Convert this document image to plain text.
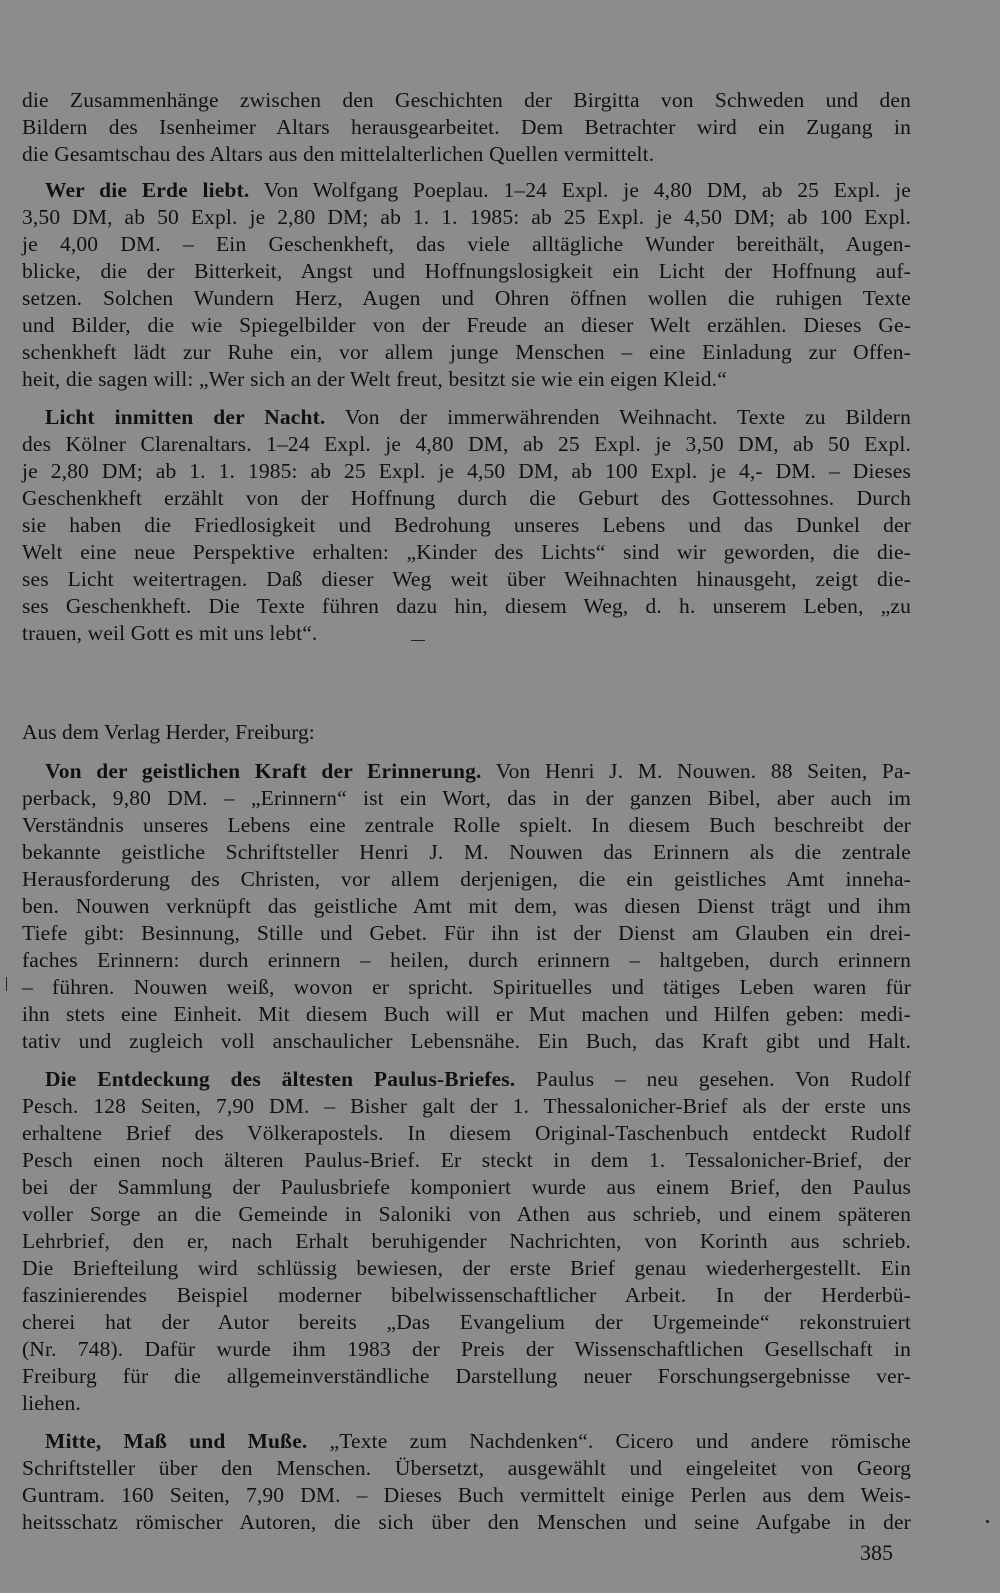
die Zusammenhänge zwischen den Geschichten der Birgitta von Schweden und den
Bildern des Isenheimer Altars herausgearbeitet. Dem Betrachter wird ein Zugang in
die Gesamtschau des Altars aus den mittelalterlichen Quellen vermittelt.
Wer die Erde liebt. Von Wolfgang Poeplau. 1–24 Expl. je 4,80 DM, ab 25 Expl. je
3,50 DM, ab 50 Expl. je 2,80 DM; ab 1. 1. 1985: ab 25 Expl. je 4,50 DM; ab 100 Expl.
je 4,00 DM. – Ein Geschenkheft, das viele alltägliche Wunder bereithält, Augen-
blicke, die der Bitterkeit, Angst und Hoffnungslosigkeit ein Licht der Hoffnung auf-
setzen. Solchen Wundern Herz, Augen und Ohren öffnen wollen die ruhigen Texte
und Bilder, die wie Spiegelbilder von der Freude an dieser Welt erzählen. Dieses Ge-
schenkheft lädt zur Ruhe ein, vor allem junge Menschen – eine Einladung zur Offen-
heit, die sagen will: „Wer sich an der Welt freut, besitzt sie wie ein eigen Kleid.“
Licht inmitten der Nacht. Von der immerwährenden Weihnacht. Texte zu Bildern
des Kölner Clarenaltars. 1–24 Expl. je 4,80 DM, ab 25 Expl. je 3,50 DM, ab 50 Expl.
je 2,80 DM; ab 1. 1. 1985: ab 25 Expl. je 4,50 DM, ab 100 Expl. je 4,- DM. – Dieses
Geschenkheft erzählt von der Hoffnung durch die Geburt des Gottessohnes. Durch
sie haben die Friedlosigkeit und Bedrohung unseres Lebens und das Dunkel der
Welt eine neue Perspektive erhalten: „Kinder des Lichts“ sind wir geworden, die die-
ses Licht weitertragen. Daß dieser Weg weit über Weihnachten hinausgeht, zeigt die-
ses Geschenkheft. Die Texte führen dazu hin, diesem Weg, d. h. unserem Leben, „zu
trauen, weil Gott es mit uns lebt“.
Aus dem Verlag Herder, Freiburg:
Von der geistlichen Kraft der Erinnerung. Von Henri J. M. Nouwen. 88 Seiten, Pa-
perback, 9,80 DM. – „Erinnern“ ist ein Wort, das in der ganzen Bibel, aber auch im
Verständnis unseres Lebens eine zentrale Rolle spielt. In diesem Buch beschreibt der
bekannte geistliche Schriftsteller Henri J. M. Nouwen das Erinnern als die zentrale
Herausforderung des Christen, vor allem derjenigen, die ein geistliches Amt inneha-
ben. Nouwen verknüpft das geistliche Amt mit dem, was diesen Dienst trägt und ihm
Tiefe gibt: Besinnung, Stille und Gebet. Für ihn ist der Dienst am Glauben ein drei-
faches Erinnern: durch erinnern – heilen, durch erinnern – haltgeben, durch erinnern
– führen. Nouwen weiß, wovon er spricht. Spirituelles und tätiges Leben waren für
ihn stets eine Einheit. Mit diesem Buch will er Mut machen und Hilfen geben: medi-
tativ und zugleich voll anschaulicher Lebensnähe. Ein Buch, das Kraft gibt und Halt.
Die Entdeckung des ältesten Paulus-Briefes. Paulus – neu gesehen. Von Rudolf
Pesch. 128 Seiten, 7,90 DM. – Bisher galt der 1. Thessalonicher-Brief als der erste uns
erhaltene Brief des Völkerapostels. In diesem Original-Taschenbuch entdeckt Rudolf
Pesch einen noch älteren Paulus-Brief. Er steckt in dem 1. Tessalonicher-Brief, der
bei der Sammlung der Paulusbriefe komponiert wurde aus einem Brief, den Paulus
voller Sorge an die Gemeinde in Saloniki von Athen aus schrieb, und einem späteren
Lehrbrief, den er, nach Erhalt beruhigender Nachrichten, von Korinth aus schrieb.
Die Briefteilung wird schlüssig bewiesen, der erste Brief genau wiederhergestellt. Ein
faszinierendes Beispiel moderner bibelwissenschaftlicher Arbeit. In der Herderbü-
cherei hat der Autor bereits „Das Evangelium der Urgemeinde“ rekonstruiert
(Nr. 748). Dafür wurde ihm 1983 der Preis der Wissenschaftlichen Gesellschaft in
Freiburg für die allgemeinverständliche Darstellung neuer Forschungsergebnisse ver-
liehen.
Mitte, Maß und Muße. „Texte zum Nachdenken“. Cicero und andere römische
Schriftsteller über den Menschen. Übersetzt, ausgewählt und eingeleitet von Georg
Guntram. 160 Seiten, 7,90 DM. – Dieses Buch vermittelt einige Perlen aus dem Weis-
heitsschatz römischer Autoren, die sich über den Menschen und seine Aufgabe in der
385
